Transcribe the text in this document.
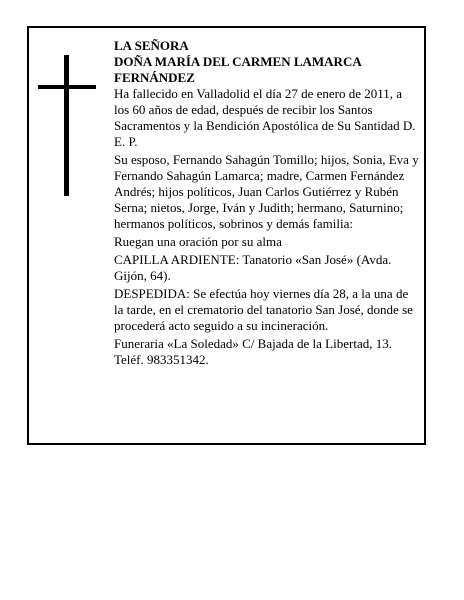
LA SEÑORA

DOÑA MARÍA DEL CARMEN LAMARCA FERNÁNDEZ

Ha fallecido en Valladolid el día 27 de enero de 2011, a los 60 años de edad, después de recibir los Santos Sacramentos y la Bendición Apostólica de Su Santidad D. E. P.

Su esposo, Fernando Sahagún Tomillo; hijos, Sonia, Eva y Fernando Sahagún Lamarca; madre, Carmen Fernández Andrés; hijos políticos, Juan Carlos Gutiérrez y Rubén Serna; nietos, Jorge, Iván y Judith; hermano, Saturnino; hermanos políticos, sobrinos y demás familia:

Ruegan una oración por su alma

CAPILLA ARDIENTE: Tanatorio «San José» (Avda. Gijón, 64).

DESPEDIDA: Se efectúa hoy viernes día 28, a la una de la tarde, en el crematorio del tanatorio San José, donde se procederá acto seguido a su incineración.

Funeraria «La Soledad» C/ Bajada de la Libertad, 13. Teléf. 983351342.
